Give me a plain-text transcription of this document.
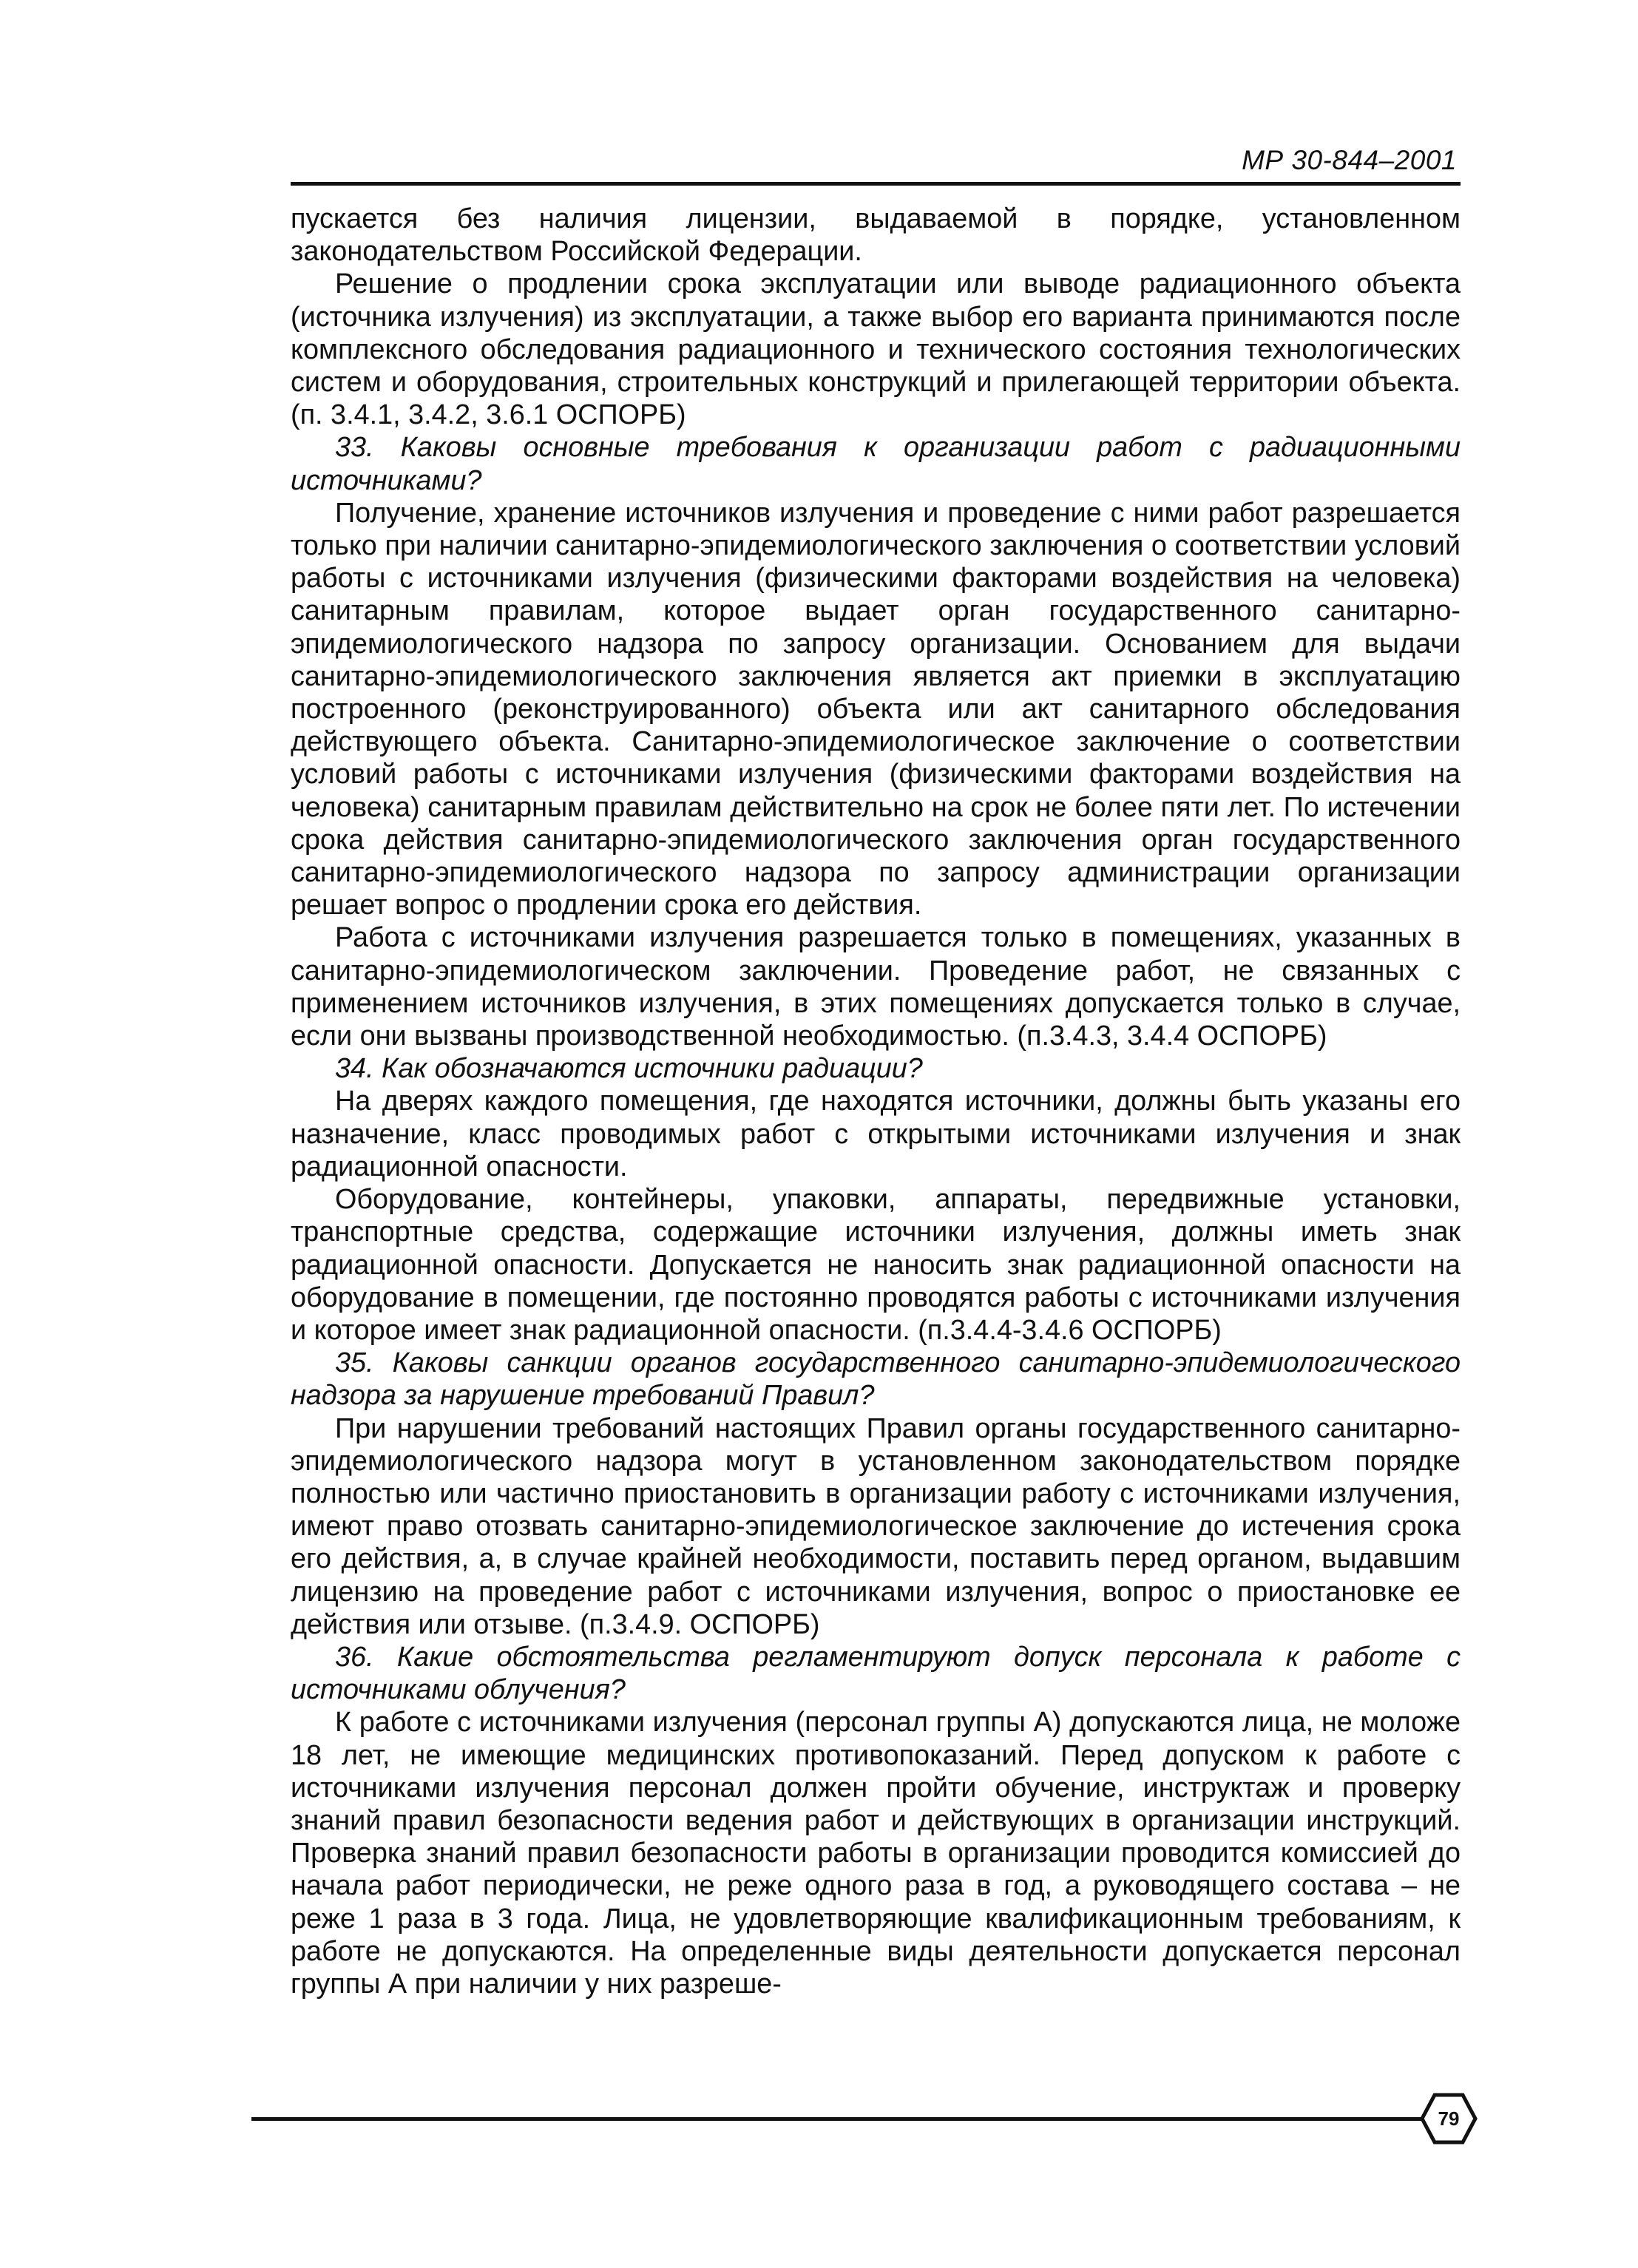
МР 30-844–2001

пускается без наличия лицензии, выдаваемой в порядке, установленном законодательством Российской Федерации.

Решение о продлении срока эксплуатации или выводе радиационного объекта (источника излучения) из эксплуатации, а также выбор его варианта принимаются после комплексного обследования радиационного и технического состояния технологических систем и оборудования, строительных конструкций и прилегающей территории объекта. (п. 3.4.1, 3.4.2, 3.6.1 ОСПОРБ)

33. Каковы основные требования к организации работ с радиационными источниками?

Получение, хранение источников излучения и проведение с ними работ разрешается только при наличии санитарно-эпидемиологического заключения о соответствии условий работы с источниками излучения (физическими факторами воздействия на человека) санитарным правилам, которое выдает орган государственного санитарно-эпидемиологического надзора по запросу организации. Основанием для выдачи санитарно-эпидемиологического заключения является акт приемки в эксплуатацию построенного (реконструированного) объекта или акт санитарного обследования действующего объекта. Санитарно-эпидемиологическое заключение о соответствии условий работы с источниками излучения (физическими факторами воздействия на человека) санитарным правилам действительно на срок не более пяти лет. По истечении срока действия санитарно-эпидемиологического заключения орган государственного санитарно-эпидемиологического надзора по запросу администрации организации решает вопрос о продлении срока его действия.

Работа с источниками излучения разрешается только в помещениях, указанных в санитарно-эпидемиологическом заключении. Проведение работ, не связанных с применением источников излучения, в этих помещениях допускается только в случае, если они вызваны производственной необходимостью. (п.3.4.3, 3.4.4 ОСПОРБ)

34. Как обозначаются источники радиации?

На дверях каждого помещения, где находятся источники, должны быть указаны его назначение, класс проводимых работ с открытыми источниками излучения и знак радиационной опасности.

Оборудование, контейнеры, упаковки, аппараты, передвижные установки, транспортные средства, содержащие источники излучения, должны иметь знак радиационной опасности. Допускается не наносить знак радиационной опасности на оборудование в помещении, где постоянно проводятся работы с источниками излучения и которое имеет знак радиационной опасности. (п.3.4.4-3.4.6 ОСПОРБ)

35. Каковы санкции органов государственного санитарно-эпидемиологического надзора за нарушение требований Правил?

При нарушении требований настоящих Правил органы государственного санитарно-эпидемиологического надзора могут в установленном законодательством порядке полностью или частично приостановить в организации работу с источниками излучения, имеют право отозвать санитарно-эпидемиологическое заключение до истечения срока его действия, а, в случае крайней необходимости, поставить перед органом, выдавшим лицензию на проведение работ с источниками излучения, вопрос о приостановке ее действия или отзыве. (п.3.4.9. ОСПОРБ)

36. Какие обстоятельства регламентируют допуск персонала к работе с источниками облучения?

К работе с источниками излучения (персонал группы А) допускаются лица, не моложе 18 лет, не имеющие медицинских противопоказаний. Перед допуском к работе с источниками излучения персонал должен пройти обучение, инструктаж и проверку знаний правил безопасности ведения работ и действующих в организации инструкций. Проверка знаний правил безопасности работы в организации проводится комиссией до начала работ периодически, не реже одного раза в год, а руководящего состава – не реже 1 раза в 3 года. Лица, не удовлетворяющие квалификационным требованиям, к работе не допускаются. На определенные виды деятельности допускается персонал группы А при наличии у них разреше-

79
